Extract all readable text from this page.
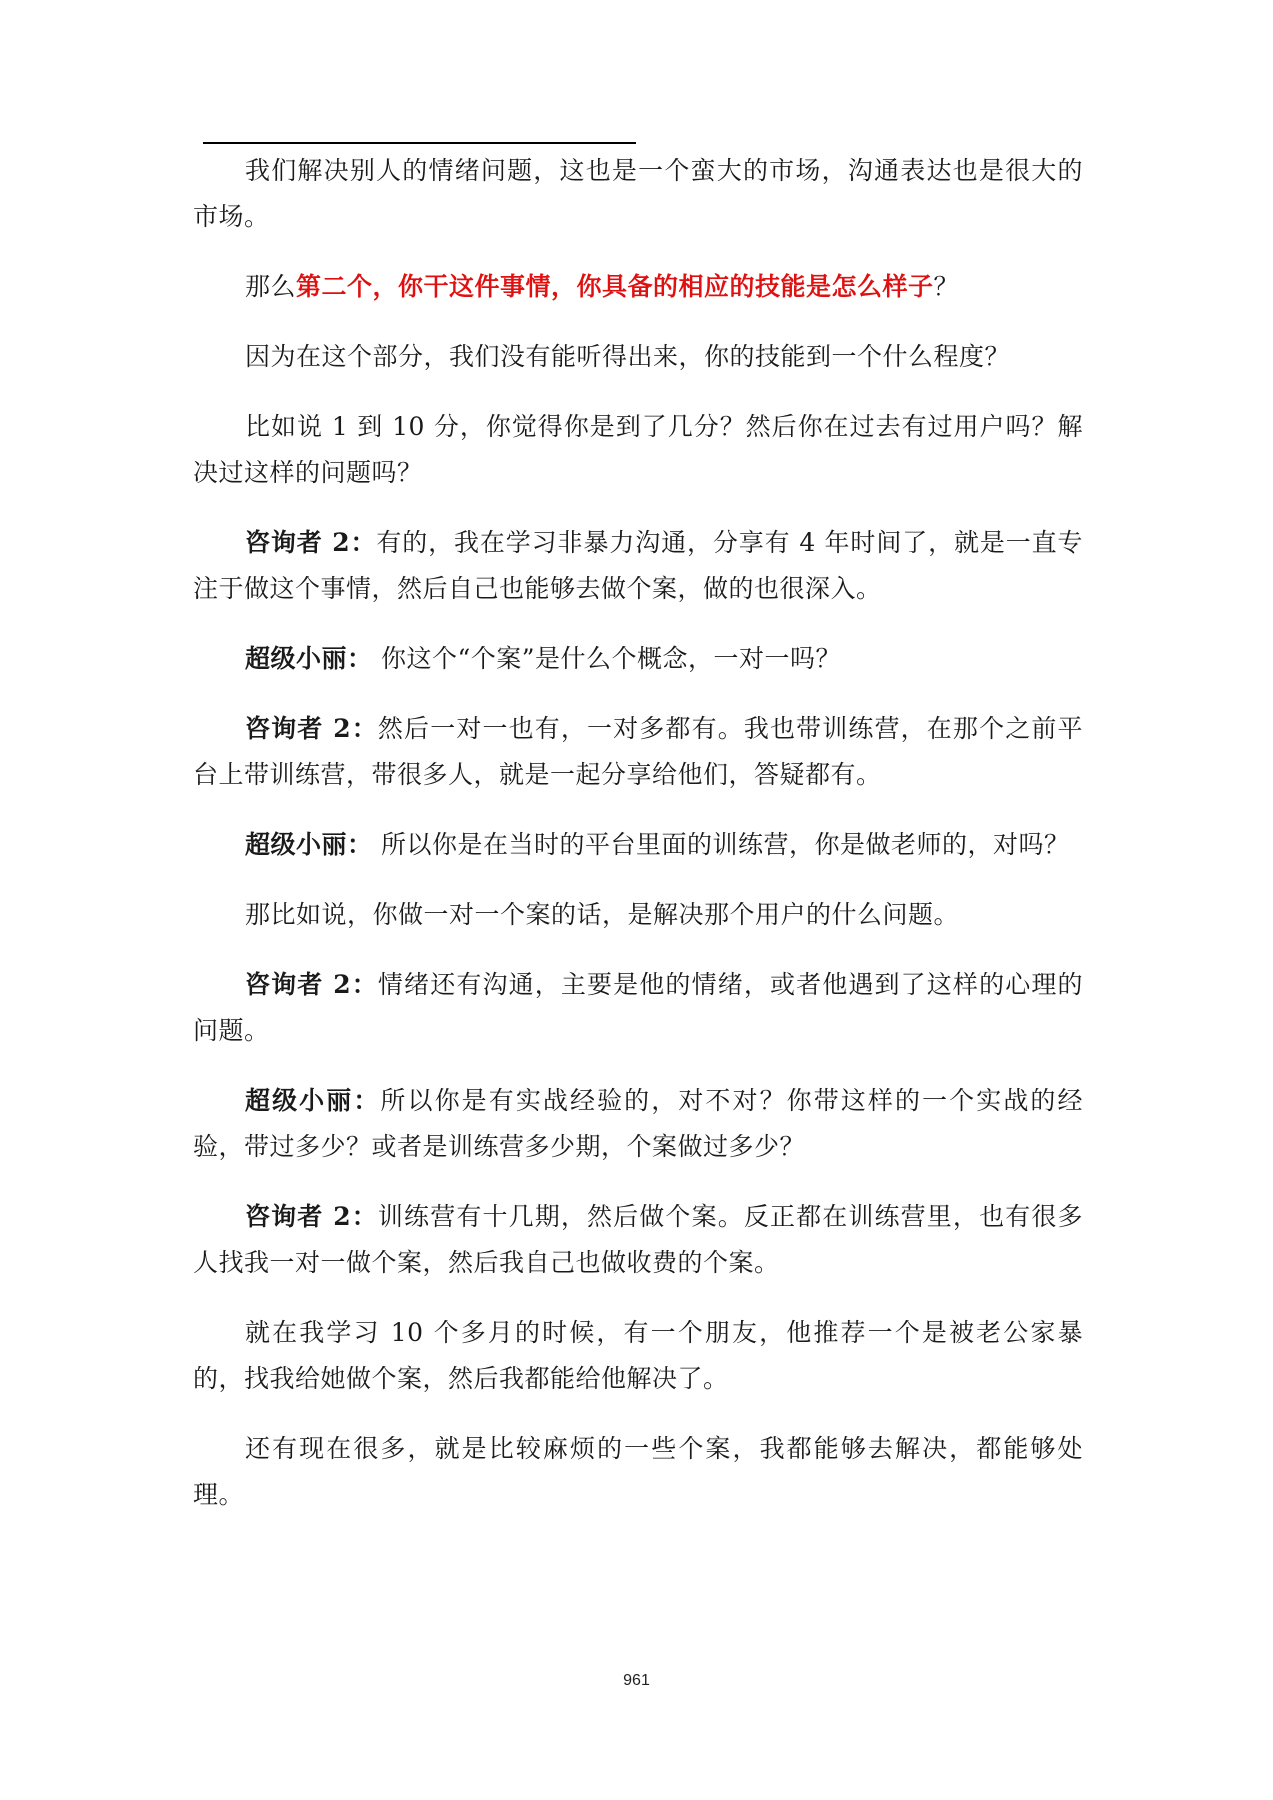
我们解决别人的情绪问题，这也是一个蛮大的市场，沟通表达也是很大的市场。

那么第二个，你干这件事情，你具备的相应的技能是怎么样子？

因为在这个部分，我们没有能听得出来，你的技能到一个什么程度？

比如说 1 到 10 分，你觉得你是到了几分？然后你在过去有过用户吗？解决过这样的问题吗？

咨询者 2：有的，我在学习非暴力沟通，分享有 4 年时间了，就是一直专注于做这个事情，然后自己也能够去做个案，做的也很深入。

超级小丽： 你这个“个案”是什么个概念，一对一吗？

咨询者 2：然后一对一也有，一对多都有。我也带训练营，在那个之前平台上带训练营，带很多人，就是一起分享给他们，答疑都有。

超级小丽： 所以你是在当时的平台里面的训练营，你是做老师的，对吗？

那比如说，你做一对一个案的话，是解决那个用户的什么问题。

咨询者 2：情绪还有沟通，主要是他的情绪，或者他遇到了这样的心理的问题。

超级小丽：所以你是有实战经验的，对不对？你带这样的一个实战的经验，带过多少？或者是训练营多少期，个案做过多少？

咨询者 2：训练营有十几期，然后做个案。反正都在训练营里，也有很多人找我一对一做个案，然后我自己也做收费的个案。

就在我学习 10 个多月的时候，有一个朋友，他推荐一个是被老公家暴的，找我给她做个案，然后我都能给他解决了。

还有现在很多，就是比较麻烦的一些个案，我都能够去解决，都能够处理。

961
